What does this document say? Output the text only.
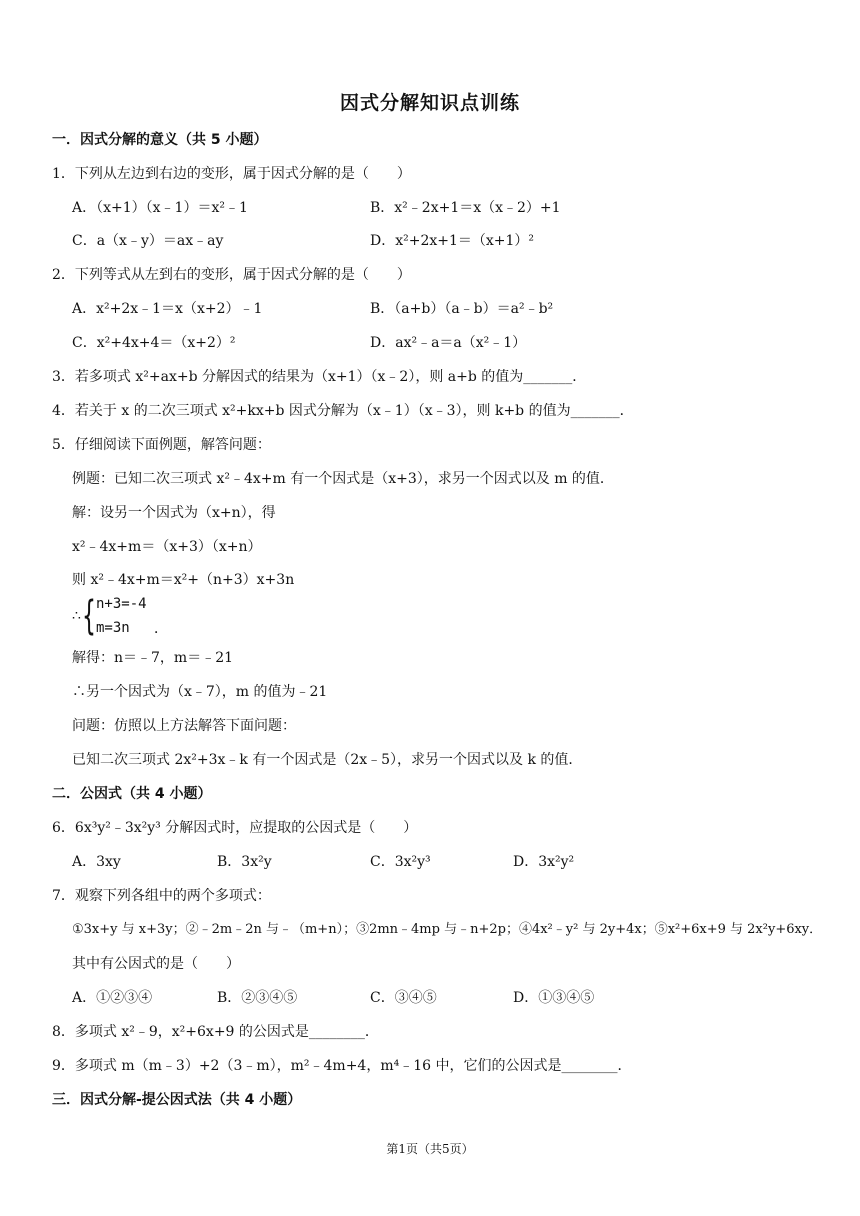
因式分解知识点训练
一．因式分解的意义（共 5 小题）
1．下列从左边到右边的变形，属于因式分解的是（　　）
A．（x+1）（x﹣1）＝x²﹣1	B．x²﹣2x+1＝x（x﹣2）+1
C．a（x﹣y）＝ax﹣ay	D．x²+2x+1＝（x+1）²
2．下列等式从左到右的变形，属于因式分解的是（　　）
A．x²+2x﹣1＝x（x+2）﹣1	B．（a+b）（a﹣b）＝a²﹣b²
C．x²+4x+4＝（x+2）²	D．ax²﹣a＝a（x²﹣1）
3．若多项式 x²+ax+b 分解因式的结果为（x+1）（x﹣2），则 a+b 的值为_______．
4．若关于 x 的二次三项式 x²+kx+b 因式分解为（x﹣1）（x﹣3），则 k+b 的值为_______．
5．仔细阅读下面例题，解答问题：
例题：已知二次三项式 x²﹣4x+m 有一个因式是（x+3），求另一个因式以及 m 的值．
解：设另一个因式为（x+n），得
x²﹣4x+m＝（x+3）（x+n）
则 x²﹣4x+m＝x²+（n+3）x+3n
∴ { n+3=-4
m=3n ．
解得：n＝﹣7，m＝﹣21
∴另一个因式为（x﹣7），m 的值为﹣21
问题：仿照以上方法解答下面问题：
已知二次三项式 2x²+3x﹣k 有一个因式是（2x﹣5），求另一个因式以及 k 的值．
二．公因式（共 4 小题）
6．6x³y²﹣3x²y³ 分解因式时，应提取的公因式是（　　）
A．3xy	B．3x²y	C．3x²y³	D．3x²y²
7．观察下列各组中的两个多项式：
①3x+y 与 x+3y；②﹣2m﹣2n 与﹣（m+n）；③2mn﹣4mp 与﹣n+2p；④4x²﹣y² 与 2y+4x；⑤x²+6x+9 与 2x²y+6xy．
其中有公因式的是（　　）
A．①②③④	B．②③④⑤	C．③④⑤	D．①③④⑤
8．多项式 x²﹣9，x²+6x+9 的公因式是________．
9．多项式 m（m﹣3）+2（3﹣m），m²﹣4m+4，m⁴﹣16 中，它们的公因式是________．
三．因式分解-提公因式法（共 4 小题）
第1页（共5页）
